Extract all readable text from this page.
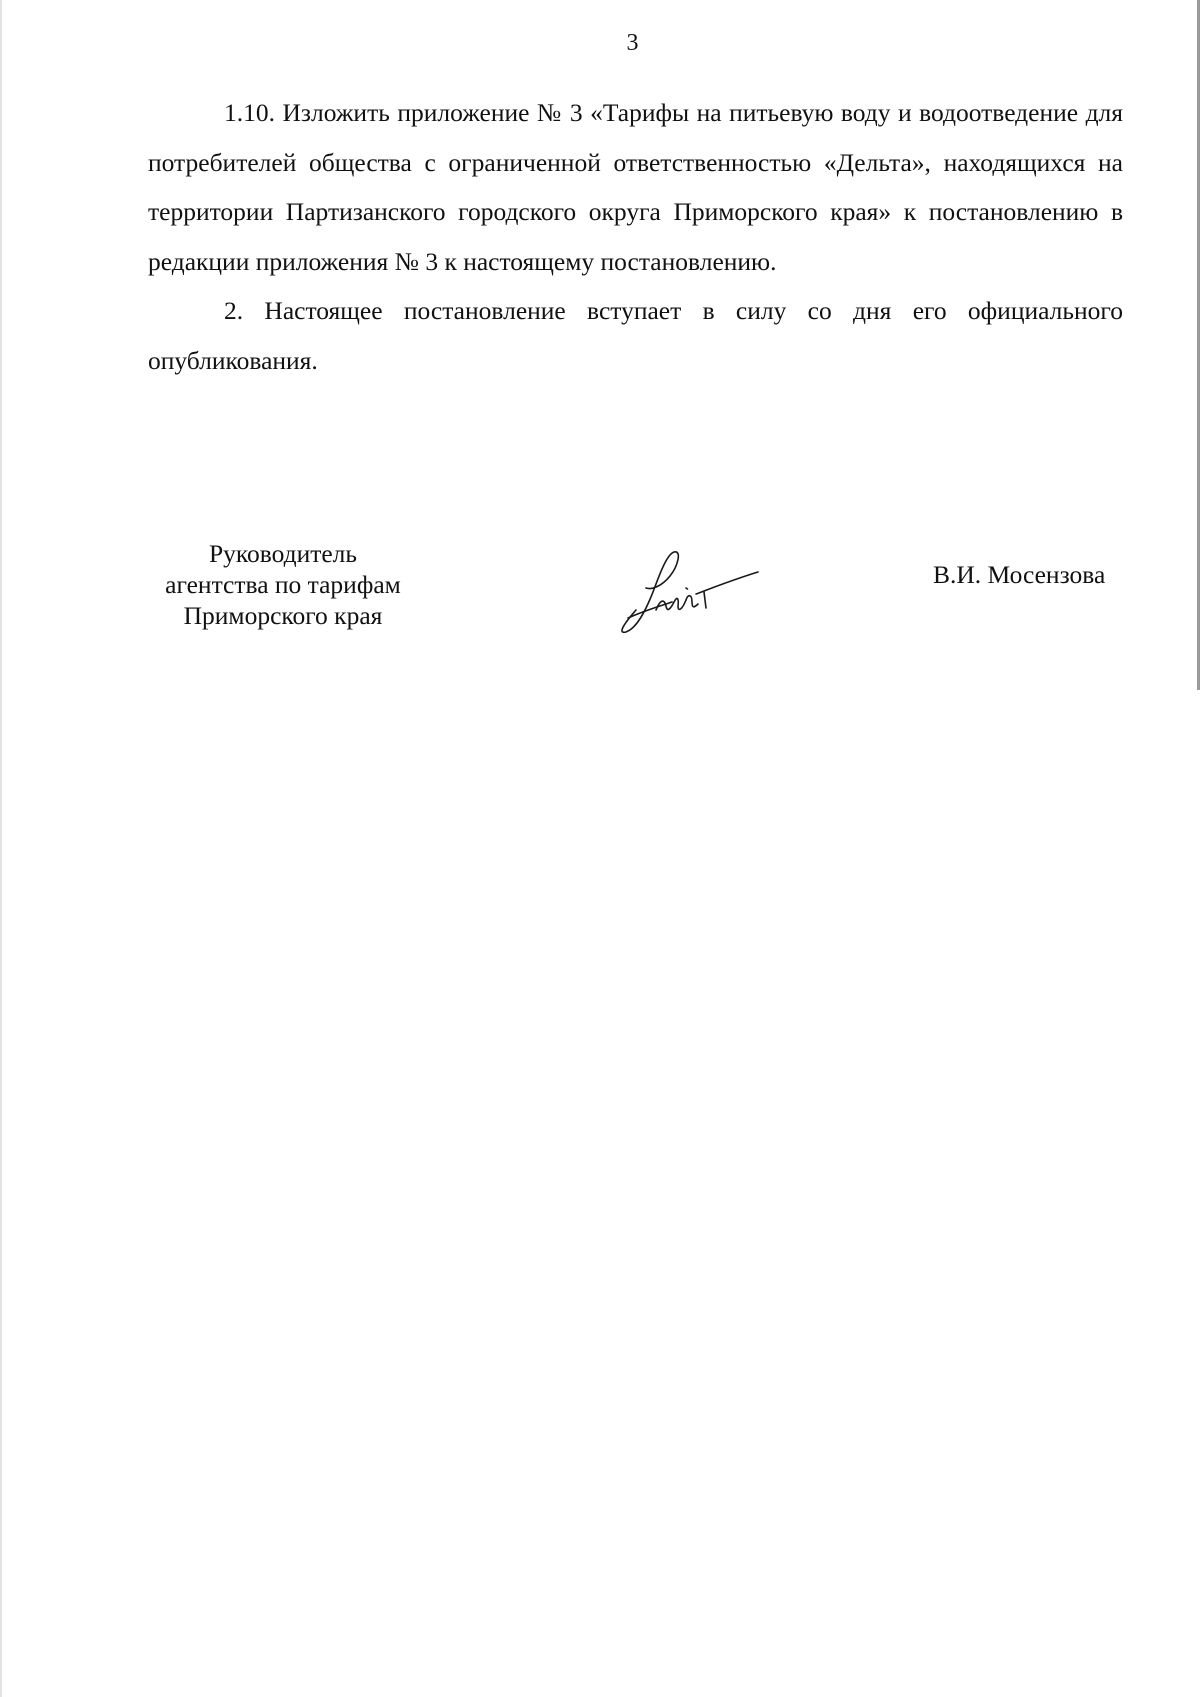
3

1.10. Изложить приложение № 3 «Тарифы на питьевую воду и водоотведение для потребителей общества с ограниченной ответственностью «Дельта», находящихся на территории Партизанского городского округа Приморского края» к постановлению в редакции приложения № 3 к настоящему постановлению.

2. Настоящее постановление вступает в силу со дня его официального опубликования.

Руководитель
агентства по тарифам
Приморского края
В.И. Мосензова
